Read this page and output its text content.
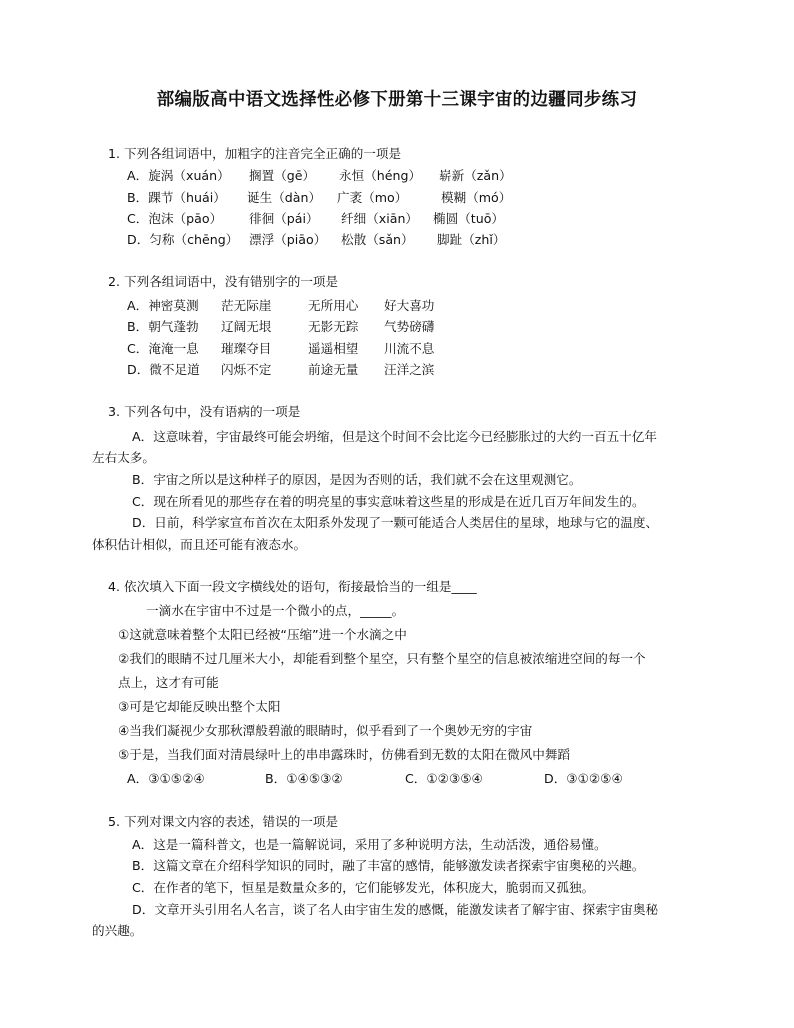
部编版高中语文选择性必修下册第十三课宇宙的边疆同步练习
1. 下列各组词语中，加粗字的注音完全正确的一项是
A．旋涡（xuán） 搁置（gē） 永恒（héng） 崭新（zǎn）
B．踝节（huái） 诞生（dàn） 广袤（mo）	模糊（mó）
C．泡沫（pāo） 徘徊（pái） 纤细（xiān） 椭圆（tuō）
D．匀称（chēng） 漂浮（piāo） 松散（sǎn） 脚趾（zhǐ）
2. 下列各组词语中，没有错别字的一项是
A．神密莫测 茫无际崖	无所用心 好大喜功
B．朝气蓬勃 辽阔无垠	无影无踪 气势磅礴
C．淹淹一息 璀璨夺目	遥遥相望 川流不息
D．微不足道 闪烁不定	前途无量 汪洋之滨
3. 下列各句中，没有语病的一项是
A．这意味着，宇宙最终可能会坍缩，但是这个时间不会比迄今已经膨胀过的大约一百五十亿年
左右太多。
B．宇宙之所以是这种样子的原因，是因为否则的话，我们就不会在这里观测它。
C．现在所看见的那些存在着的明亮星的事实意味着这些星的形成是在近几百万年间发生的。
D．日前，科学家宣布首次在太阳系外发现了一颗可能适合人类居住的星球，地球与它的温度、
体积估计相似，而且还可能有液态水。
4. 依次填入下面一段文字横线处的语句，衔接最恰当的一组是____
一滴水在宇宙中不过是一个微小的点，_____。
①这就意味着整个太阳已经被“压缩”进一个水滴之中
②我们的眼睛不过几厘米大小，却能看到整个星空，只有整个星空的信息被浓缩进空间的每一个
点上，这才有可能
③可是它却能反映出整个太阳
④当我们凝视少女那秋潭般碧澈的眼睛时，似乎看到了一个奥妙无穷的宇宙
⑤于是，当我们面对清晨绿叶上的串串露珠时，仿佛看到无数的太阳在微风中舞蹈
A．③①⑤②④	B．①④⑤③②	C．①②③⑤④	D．③①②⑤④
5. 下列对课文内容的表述，错误的一项是
A．这是一篇科普文，也是一篇解说词，采用了多种说明方法，生动活泼，通俗易懂。
B．这篇文章在介绍科学知识的同时，融了丰富的感情，能够激发读者探索宇宙奥秘的兴趣。
C．在作者的笔下，恒星是数量众多的，它们能够发光，体积庞大，脆弱而又孤独。
D．文章开头引用名人名言，谈了名人由宇宙生发的感慨，能激发读者了解宇宙、探索宇宙奥秘
的兴趣。
